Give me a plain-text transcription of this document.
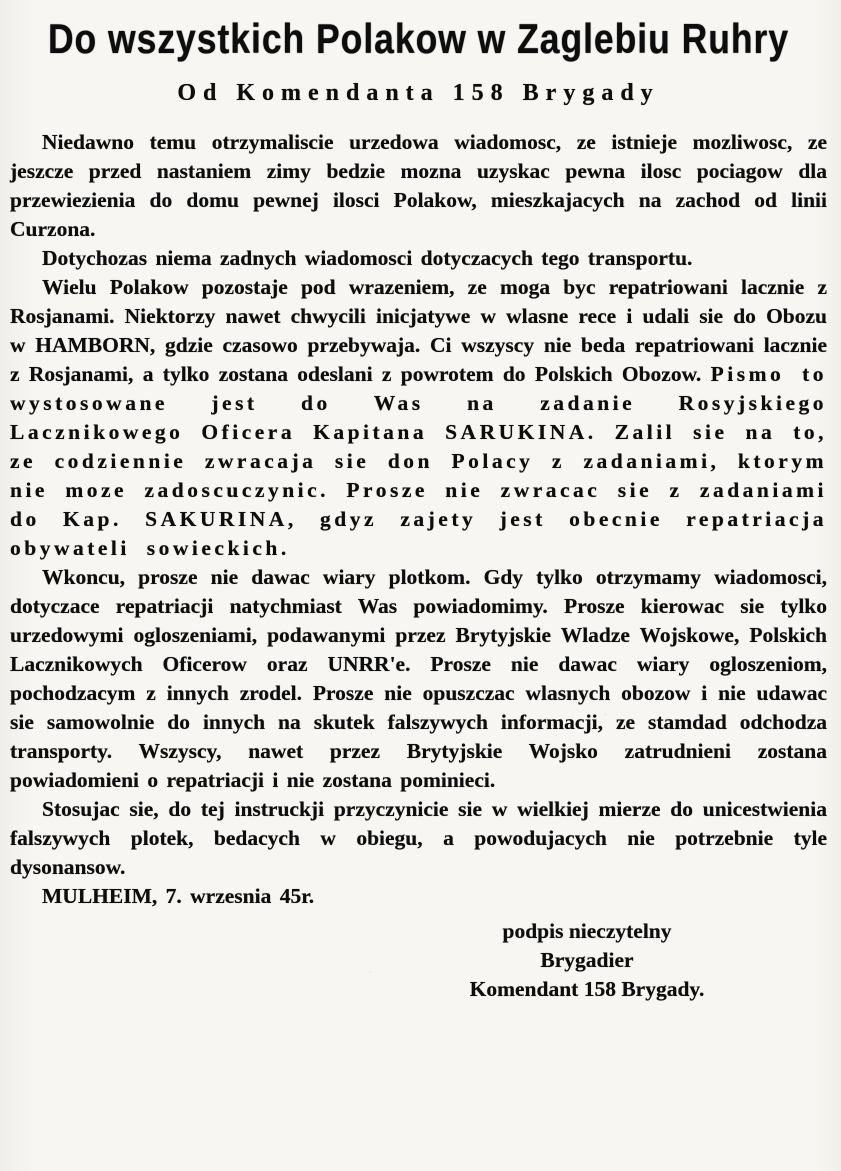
Do wszystkich Polakow w Zaglebiu Ruhry
Od Komendanta 158 Brygady

Niedawno temu otrzymaliscie urzedowa wiadomosc, ze istnieje mozliwosc, ze jeszcze przed nastaniem zimy bedzie mozna uzyskac pewna ilosc pociagow dla przewiezienia do domu pewnej ilosci Polakow, mieszkajacych na zachod od linii Curzona.

Dotychozas niema zadnych wiadomosci dotyczacych tego transportu.

Wielu Polakow pozostaje pod wrazeniem, ze moga byc repatriowani lacznie z Rosjanami. Niektorzy nawet chwycili inicjatywe w wlasne rece i udali sie do Obozu w HAMBORN, gdzie czasowo przebywaja. Ci wszyscy nie beda repatriowani lacznie z Rosjanami, a tylko zostana odeslani z powrotem do Polskich Obozow. Pismo to wystosowane jest do Was na zadanie Rosyjskiego Lacznikowego Oficera Kapitana SARUKINA. Zalil sie na to, ze codziennie zwracaja sie don Polacy z zadaniami, ktorym nie moze zadoscuczynic. Prosze nie zwracac sie z zadaniami do Kap. SAKURINA, gdyz zajety jest obecnie repatriacja obywateli sowieckich.

Wkoncu, prosze nie dawac wiary plotkom. Gdy tylko otrzymamy wiadomosci, dotyczace repatriacji natychmiast Was powiadomimy. Prosze kierowac sie tylko urzedowymi ogloszeniami, podawanymi przez Brytyjskie Wladze Wojskowe, Polskich Lacznikowych Oficerow oraz UNRR'e. Prosze nie dawac wiary ogloszeniom, pochodzacym z innych zrodel. Prosze nie opuszczac wlasnych obozow i nie udawac sie samowolnie do innych na skutek falszywych informacji, ze stamdad odchodza transporty. Wszyscy, nawet przez Brytyjskie Wojsko zatrudnieni zostana powiadomieni o repatriacji i nie zostana pominieci.

Stosujac sie, do tej instruckji przyczynicie sie w wielkiej mierze do unicestwienia falszywych plotek, bedacych w obiegu, a powodujacych nie potrzebnie tyle dysonansow.

MULHEIM, 7. wrzesnia 45r.

podpis nieczytelny

Brygadier

Komendant 158 Brygady.
